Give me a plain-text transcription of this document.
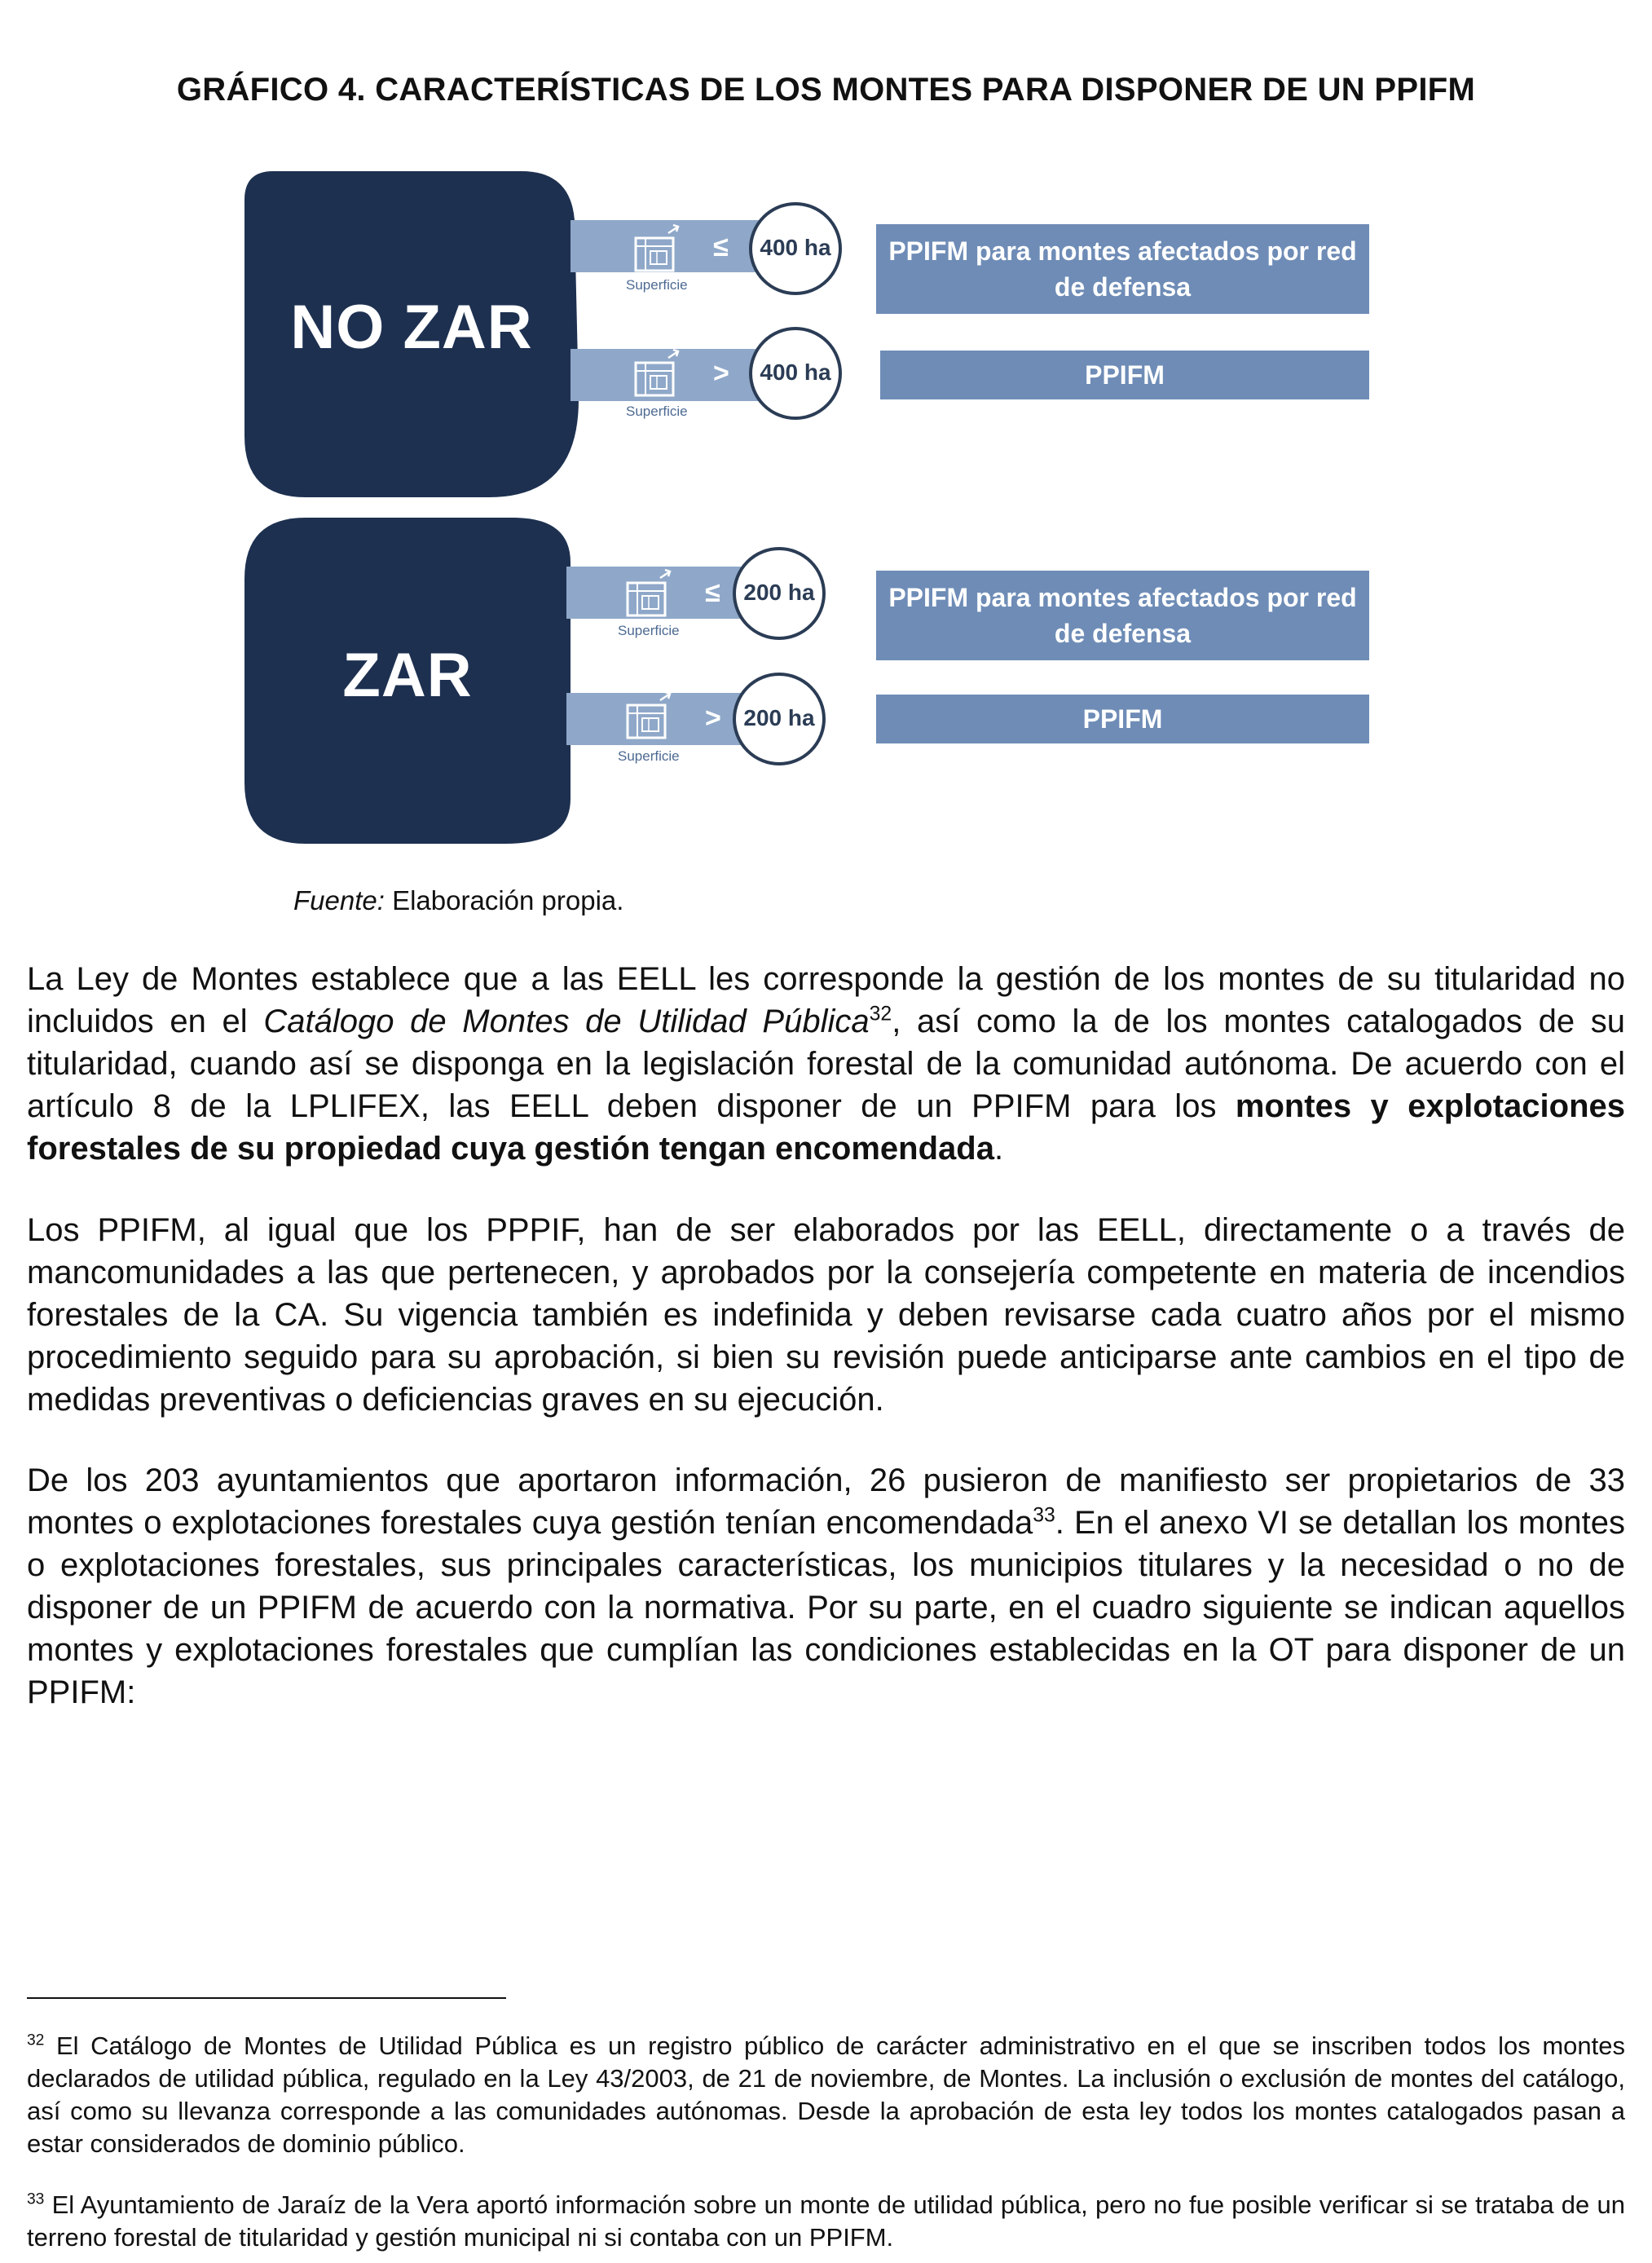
GRÁFICO 4. CARACTERÍSTICAS DE LOS MONTES PARA DISPONER DE UN PPIFM
NO ZAR
ZAR
≤
Superficie
400 ha	PPIFM para montes afectados por red de defensa
>
Superficie
400 ha	PPIFM
≤
Superficie
200 ha	PPIFM para montes afectados por red de defensa
>
Superficie
200 ha	PPIFM
Fuente: Elaboración propia.

La Ley de Montes establece que a las EELL les corresponde la gestión de los montes de su titularidad no incluidos en el Catálogo de Montes de Utilidad Pública$^{32}$, así como la de los montes catalogados de su titularidad, cuando así se disponga en la legislación forestal de la comunidad autónoma. De acuerdo con el artículo 8 de la LPLIFEX, las EELL deben disponer de un PPIFM para los montes y explotaciones forestales de su propiedad cuya gestión tengan encomendada.

Los PPIFM, al igual que los PPPIF, han de ser elaborados por las EELL, directamente o a través de mancomunidades a las que pertenecen, y aprobados por la consejería competente en materia de incendios forestales de la CA. Su vigencia también es indefinida y deben revisarse cada cuatro años por el mismo procedimiento seguido para su aprobación, si bien su revisión puede anticiparse ante cambios en el tipo de medidas preventivas o deficiencias graves en su ejecución.

De los 203 ayuntamientos que aportaron información, 26 pusieron de manifiesto ser propietarios de 33 montes o explotaciones forestales cuya gestión tenían encomendada$^{33}$. En el anexo VI se detallan los montes o explotaciones forestales, sus principales características, los municipios titulares y la necesidad o no de disponer de un PPIFM de acuerdo con la normativa. Por su parte, en el cuadro siguiente se indican aquellos montes y explotaciones forestales que cumplían las condiciones establecidas en la OT para disponer de un PPIFM:

$^{32}$ El Catálogo de Montes de Utilidad Pública es un registro público de carácter administrativo en el que se inscriben todos los montes declarados de utilidad pública, regulado en la Ley 43/2003, de 21 de noviembre, de Montes. La inclusión o exclusión de montes del catálogo, así como su llevanza corresponde a las comunidades autónomas. Desde la aprobación de esta ley todos los montes catalogados pasan a estar considerados de dominio público.

$^{33}$ El Ayuntamiento de Jaraíz de la Vera aportó información sobre un monte de utilidad pública, pero no fue posible verificar si se trataba de un terreno forestal de titularidad y gestión municipal ni si contaba con un PPIFM.
